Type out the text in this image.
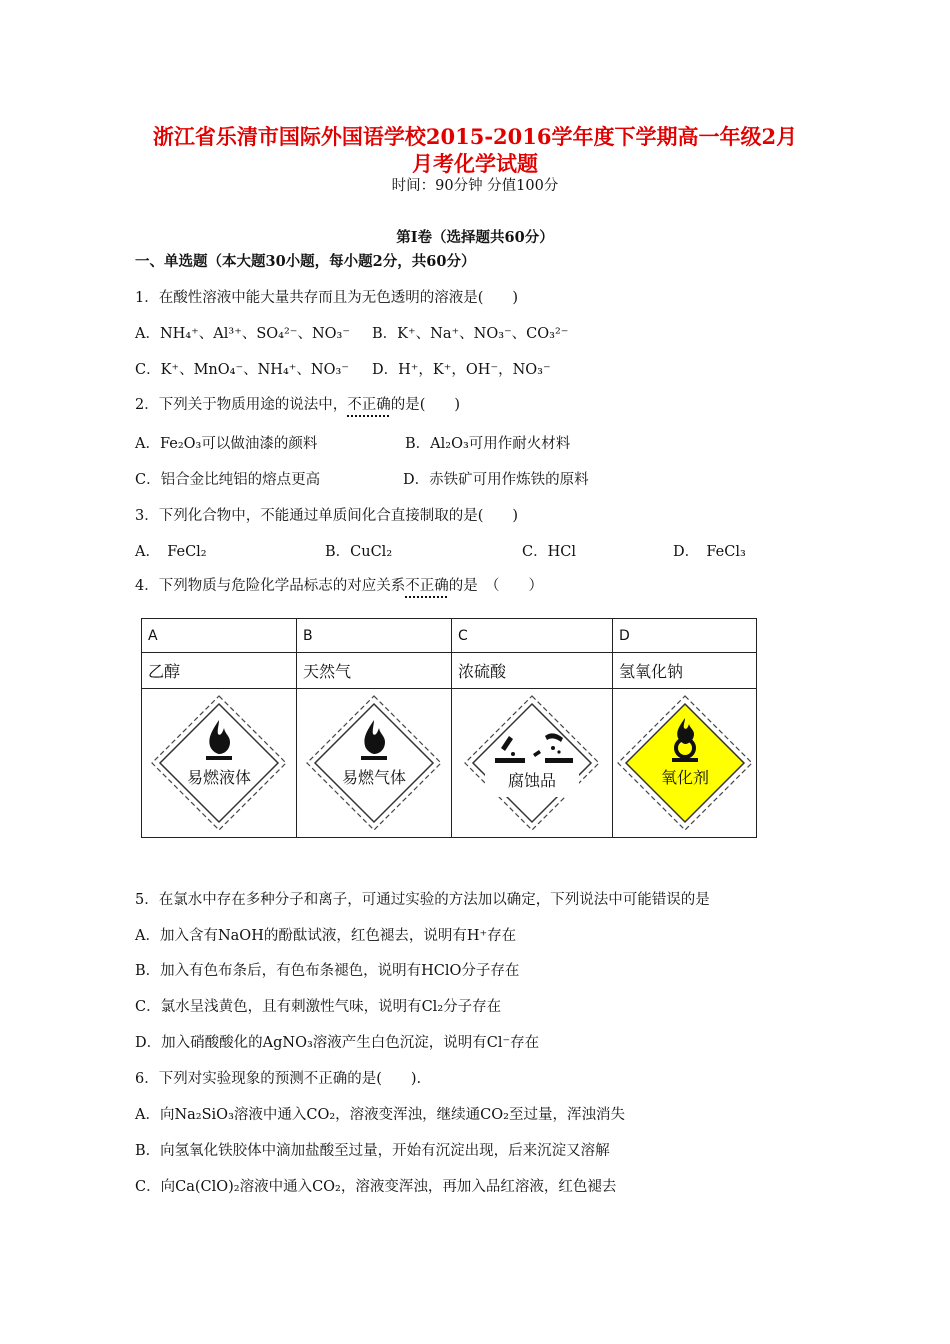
浙江省乐清市国际外国语学校2015-2016学年度下学期高一年级2月
月考化学试题
时间：90分钟 分值100分
第Ⅰ卷（选择题共60分）
一、单选题（本大题30小题，每小题2分，共60分）
1．在酸性溶液中能大量共存而且为无色透明的溶液是(　　)
A．NH₄⁺、Al³⁺、SO₄²⁻、NO₃⁻ B．K⁺、Na⁺、NO₃⁻、CO₃²⁻
C．K⁺、MnO₄⁻、NH₄⁺、NO₃⁻ D．H⁺，K⁺，OH⁻，NO₃⁻
2．下列关于物质用途的说法中，不正确的是(　　)
A．Fe₂O₃可以做油漆的颜料	B．Al₂O₃可用作耐火材料
C．铝合金比纯铝的熔点更高	D．赤铁矿可用作炼铁的原料
3．下列化合物中，不能通过单质间化合直接制取的是(　　)
A．　FeCl₂	B．CuCl₂	C．HCl	D．　FeCl₃
4．下列物质与危险化学品标志的对应关系不正确的是　（　　）
A	B	C	D
乙醇	天然气	浓硫酸	氢氧化钠

易燃液体	易燃气体	腐蚀品	氧化剂
5．在氯水中存在多种分子和离子，可通过实验的方法加以确定，下列说法中可能错误的是
A．加入含有NaOH的酚酞试液，红色褪去，说明有H⁺存在
B．加入有色布条后，有色布条褪色，说明有HClO分子存在
C．氯水呈浅黄色，且有刺激性气味，说明有Cl₂分子存在
D．加入硝酸酸化的AgNO₃溶液产生白色沉淀，说明有Cl⁻存在
6．下列对实验现象的预测不正确的是(　　).
A．向Na₂SiO₃溶液中通入CO₂，溶液变浑浊，继续通CO₂至过量，浑浊消失
B．向氢氧化铁胶体中滴加盐酸至过量，开始有沉淀出现，后来沉淀又溶解
C．向Ca(ClO)₂溶液中通入CO₂，溶液变浑浊，再加入品红溶液，红色褪去
